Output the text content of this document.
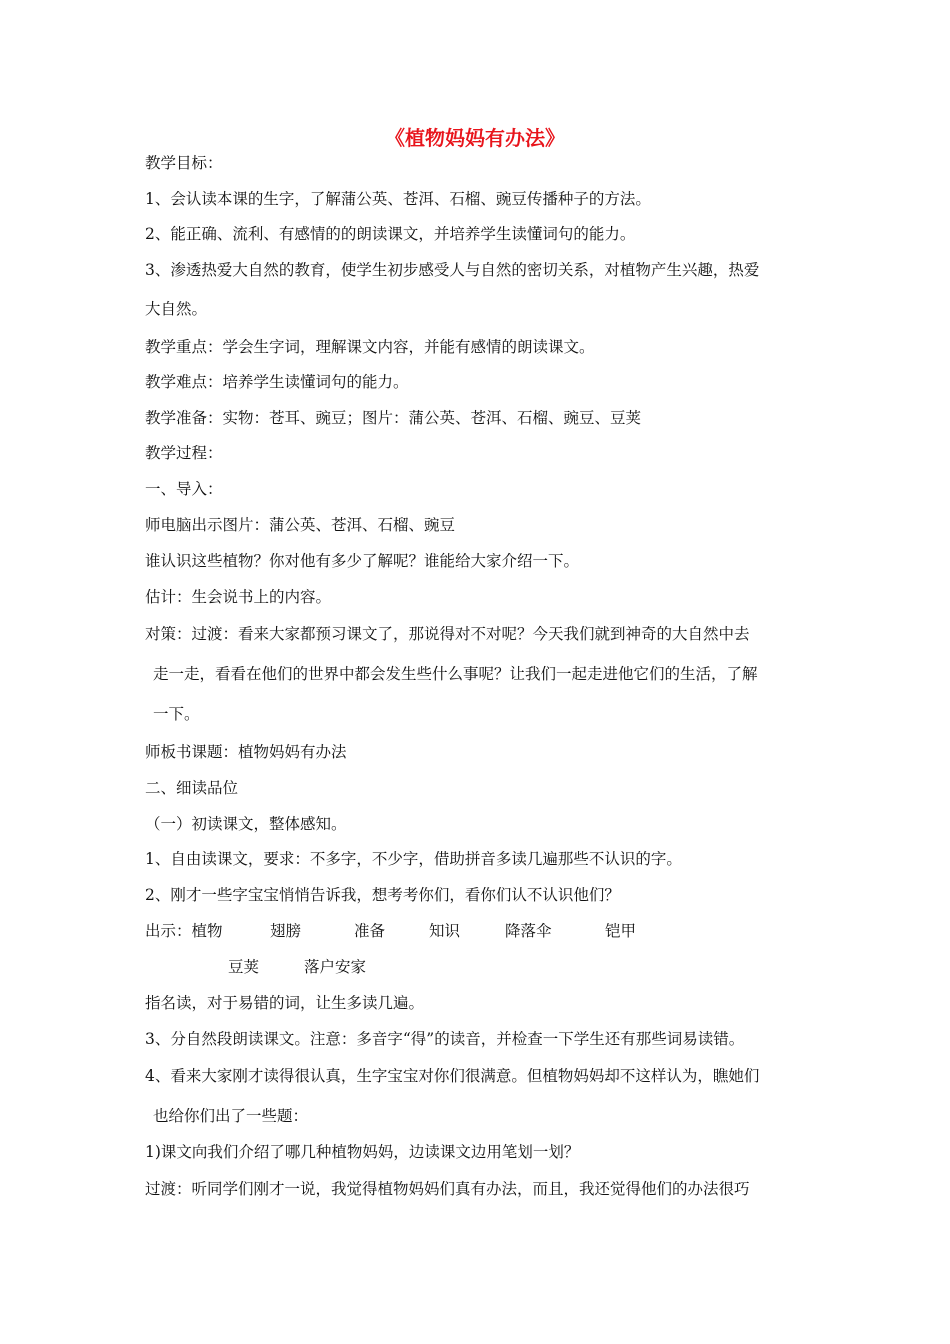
《植物妈妈有办法》
教学目标：
1、会认读本课的生字，了解蒲公英、苍洱、石榴、豌豆传播种子的方法。
2、能正确、流利、有感情的的朗读课文，并培养学生读懂词句的能力。
3、渗透热爱大自然的教育，使学生初步感受人与自然的密切关系，对植物产生兴趣，热爱
大自然。
教学重点：学会生字词，理解课文内容，并能有感情的朗读课文。
教学难点：培养学生读懂词句的能力。
教学准备：实物：苍耳、豌豆；图片：蒲公英、苍洱、石榴、豌豆、豆荚
教学过程：
一、导入：
师电脑出示图片：蒲公英、苍洱、石榴、豌豆
谁认识这些植物？你对他有多少了解呢？谁能给大家介绍一下。
估计：生会说书上的内容。
对策：过渡：看来大家都预习课文了，那说得对不对呢？今天我们就到神奇的大自然中去
走一走，看看在他们的世界中都会发生些什么事呢？让我们一起走进他它们的生活，了解
一下。
师板书课题：植物妈妈有办法
二、细读品位
（一）初读课文，整体感知。
1、自由读课文，要求：不多字，不少字，借助拼音多读几遍那些不认识的字。
2、刚才一些字宝宝悄悄告诉我，想考考你们，看你们认不认识他们？
出示：植物	翅膀	准备	知识	降落伞	铠甲
豆荚	落户安家
指名读，对于易错的词，让生多读几遍。
3、分自然段朗读课文。注意：多音字“得”的读音，并检查一下学生还有那些词易读错。
4、看来大家刚才读得很认真，生字宝宝对你们很满意。但植物妈妈却不这样认为，瞧她们
也给你们出了一些题：
1)课文向我们介绍了哪几种植物妈妈，边读课文边用笔划一划？
过渡：听同学们刚才一说，我觉得植物妈妈们真有办法，而且，我还觉得他们的办法很巧
